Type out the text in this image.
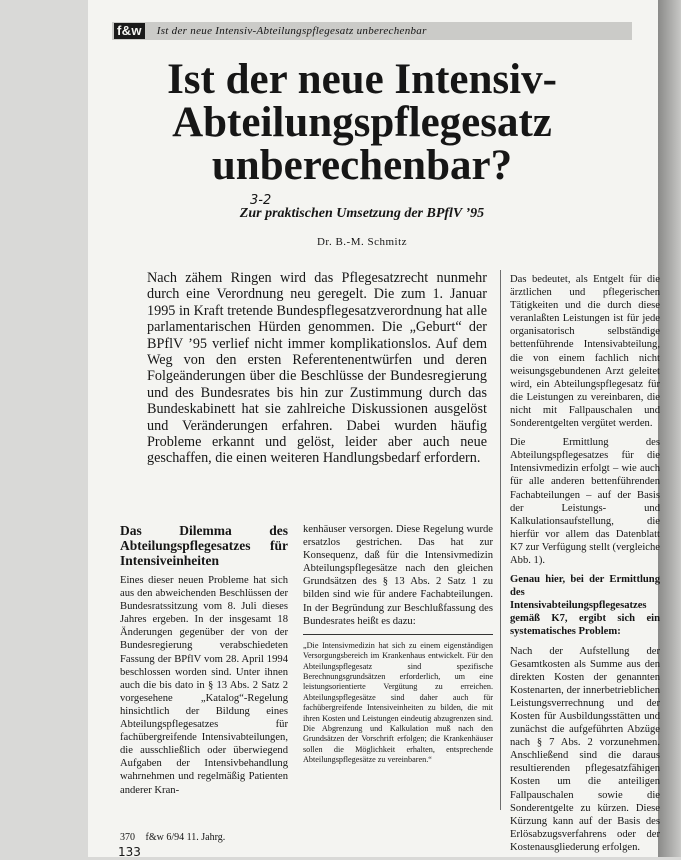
f&w Ist der neue Intensiv-Abteilungspflegesatz unberechenbar
Ist der neue Intensiv-
Abteilungspflegesatz
unberechenbar?
3-2
Zur praktischen Umsetzung der BPflV ’95
Dr. B.-M. Schmitz

Nach zähem Ringen wird das Pflegesatzrecht nunmehr durch eine Verordnung neu geregelt. Die zum 1. Januar 1995 in Kraft tretende Bundespflegesatzverordnung hat alle parlamentarischen Hürden genommen. Die „Geburt“ der BPflV ’95 verlief nicht immer komplikationslos. Auf dem Weg von den ersten Referentenentwürfen und deren Folgeänderungen über die Beschlüsse der Bundesregierung und des Bundesrates bis hin zur Zustimmung durch das Bundeskabinett hat sie zahlreiche Diskussionen ausgelöst und Veränderungen erfahren. Dabei wurden häufig Probleme erkannt und gelöst, leider aber auch neue geschaffen, die einen weiteren Handlungsbedarf erfordern.

Das Dilemma des Abteilungspflegesatzes für Intensiveinheiten

Eines dieser neuen Probleme hat sich aus den abweichenden Beschlüssen der Bundesratssitzung vom 8. Juli dieses Jahres ergeben. In der insgesamt 18 Änderungen gegenüber der von der Bundesregierung verabschiedeten Fassung der BPflV vom 28. April 1994 beschlossen worden sind. Unter ihnen auch die bis dato in § 13 Abs. 2 Satz 2 vorgesehene „Katalog“-Regelung hinsichtlich der Bildung eines Abteilungspflegesatzes für fachübergreifende Intensivabteilungen, die ausschließlich oder überwiegend Aufgaben der Intensivbehandlung wahrnehmen und regelmäßig Patienten anderer Kran-

kenhäuser versorgen. Diese Regelung wurde ersatzlos gestrichen. Das hat zur Konsequenz, daß für die Intensivmedizin Abteilungspflegesätze nach den gleichen Grundsätzen des § 13 Abs. 2 Satz 1 zu bilden sind wie für andere Fachabteilungen. In der Begründung zur Beschlußfassung des Bundesrates heißt es dazu:

„Die Intensivmedizin hat sich zu einem eigenständigen Versorgungsbereich im Krankenhaus entwickelt. Für den Abteilungspflegesatz sind spezifische Berechnungsgrundsätzen erforderlich, um eine leistungsorientierte Vergütung zu erreichen. Abteilungspflegesätze sind daher auch für fachübergreifende Intensiveinheiten zu bilden, die mit ihren Kosten und Leistungen eindeutig abzugrenzen sind. Die Abgrenzung und Kalkulation muß nach den Grundsätzen der Vorschrift erfolgen; die Krankenhäuser sollen die Möglichkeit erhalten, entsprechende Abteilungspflegesätze zu vereinbaren.“

Das bedeutet, als Entgelt für die ärztlichen und pflegerischen Tätigkeiten und die durch diese veranlaßten Leistungen ist für jede organisatorisch selbständige bettenführende Intensivabteilung, die von einem fachlich nicht weisungsgebundenen Arzt geleitet wird, ein Abteilungspflegesatz für die Leistungen zu vereinbaren, die nicht mit Fallpauschalen und Sonderentgelten vergütet werden.

Die Ermittlung des Abteilungspflegesatzes für die Intensivmedizin erfolgt – wie auch für alle anderen bettenführenden Fachabteilungen – auf der Basis der Leistungs- und Kalkulationsaufstellung, die hierfür vor allem das Datenblatt K7 zur Verfügung stellt (vergleiche Abb. 1).

Genau hier, bei der Ermittlung des Intensivabteilungspflegesatzes gemäß K7, ergibt sich ein systematisches Problem:

Nach der Aufstellung der Gesamtkosten als Summe aus den direkten Kosten der genannten Kostenarten, der innerbetrieblichen Leistungsverrechnung und der Kosten für Ausbildungsstätten und zunächst die aufgeführten Abzüge nach § 7 Abs. 2 vorzunehmen. Anschließend sind die daraus resultierenden pflegesatzfähigen Kosten um die anteiligen Fallpauschalen sowie die Sonderentgelte zu kürzen. Diese Kürzung kann auf der Basis des Erlösabzugsverfahrens oder der Kostenausgliederung erfolgen.

370 f&w 6/94 11. Jahrg.
133
